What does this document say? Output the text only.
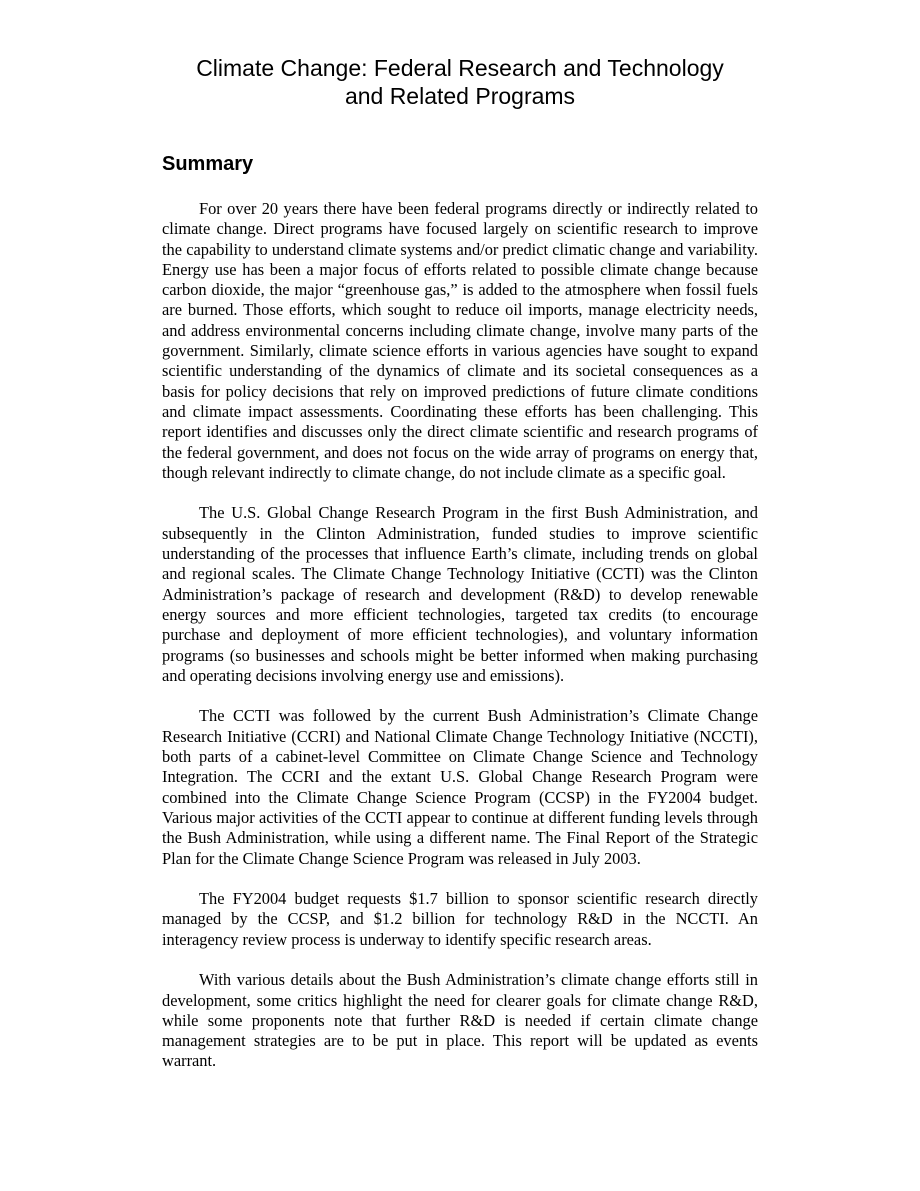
Climate Change: Federal Research and Technology
and Related Programs
Summary

For over 20 years there have been federal programs directly or indirectly related to climate change. Direct programs have focused largely on scientific research to improve the capability to understand climate systems and/or predict climatic change and variability. Energy use has been a major focus of efforts related to possible climate change because carbon dioxide, the major “greenhouse gas,” is added to the atmosphere when fossil fuels are burned. Those efforts, which sought to reduce oil imports, manage electricity needs, and address environmental concerns including climate change, involve many parts of the government. Similarly, climate science efforts in various agencies have sought to expand scientific understanding of the dynamics of climate and its societal consequences as a basis for policy decisions that rely on improved predictions of future climate conditions and climate impact assessments. Coordinating these efforts has been challenging. This report identifies and discusses only the direct climate scientific and research programs of the federal government, and does not focus on the wide array of programs on energy that, though relevant indirectly to climate change, do not include climate as a specific goal.

The U.S. Global Change Research Program in the first Bush Administration, and subsequently in the Clinton Administration, funded studies to improve scientific understanding of the processes that influence Earth’s climate, including trends on global and regional scales. The Climate Change Technology Initiative (CCTI) was the Clinton Administration’s package of research and development (R&D) to develop renewable energy sources and more efficient technologies, targeted tax credits (to encourage purchase and deployment of more efficient technologies), and voluntary information programs (so businesses and schools might be better informed when making purchasing and operating decisions involving energy use and emissions).

The CCTI was followed by the current Bush Administration’s Climate Change Research Initiative (CCRI) and National Climate Change Technology Initiative (NCCTI), both parts of a cabinet-level Committee on Climate Change Science and Technology Integration. The CCRI and the extant U.S. Global Change Research Program were combined into the Climate Change Science Program (CCSP) in the FY2004 budget. Various major activities of the CCTI appear to continue at different funding levels through the Bush Administration, while using a different name. The Final Report of the Strategic Plan for the Climate Change Science Program was released in July 2003.

The FY2004 budget requests $1.7 billion to sponsor scientific research directly managed by the CCSP, and $1.2 billion for technology R&D in the NCCTI. An interagency review process is underway to identify specific research areas.

With various details about the Bush Administration’s climate change efforts still in development, some critics highlight the need for clearer goals for climate change R&D, while some proponents note that further R&D is needed if certain climate change management strategies are to be put in place. This report will be updated as events warrant.
